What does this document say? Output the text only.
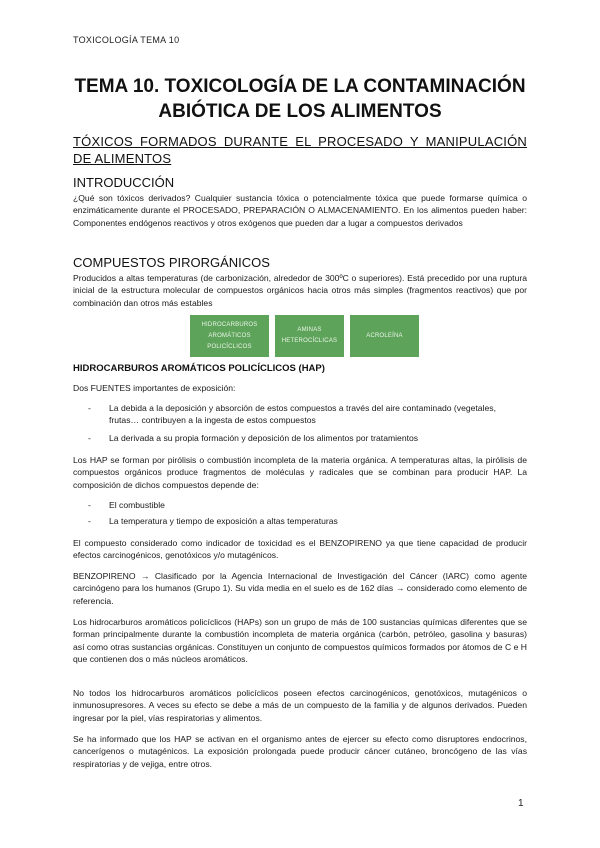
TOXICOLOGÍA TEMA 10
TEMA 10. TOXICOLOGÍA DE LA CONTAMINACIÓN ABIÓTICA DE LOS ALIMENTOS
TÓXICOS FORMADOS DURANTE EL PROCESADO Y MANIPULACIÓN DE ALIMENTOS
INTRODUCCIÓN
¿Qué son tóxicos derivados? Cualquier sustancia tóxica o potencialmente tóxica que puede formarse química o enzimáticamente durante el PROCESADO, PREPARACIÓN O ALMACENAMIENTO. En los alimentos pueden haber: Componentes endógenos reactivos y otros exógenos que pueden dar a lugar a compuestos derivados
COMPUESTOS PIRORGÁNICOS
Producidos a altas temperaturas (de carbonización, alrededor de 300ºC o superiores). Está precedido por una ruptura inicial de la estructura molecular de compuestos orgánicos hacia otros más simples (fragmentos reactivos) que por combinación dan otros más estables
HIDROCARBUROS AROMÁTICOS POLICÍCLICOS
AMINAS HETEROCÍCLICAS
ACROLEÍNA
HIDROCARBUROS AROMÁTICOS POLICÍCLICOS (HAP)
Dos FUENTES importantes de exposición:
- La debida a la deposición y absorción de estos compuestos a través del aire contaminado (vegetales, frutas… contribuyen a la ingesta de estos compuestos
- La derivada a su propia formación y deposición de los alimentos por tratamientos
Los HAP se forman por pirólisis o combustión incompleta de la materia orgánica. A temperaturas altas, la pirólisis de compuestos orgánicos produce fragmentos de moléculas y radicales que se combinan para producir HAP. La composición de dichos compuestos depende de:
- El combustible
- La temperatura y tiempo de exposición a altas temperaturas
El compuesto considerado como indicador de toxicidad es el BENZOPIRENO ya que tiene capacidad de producir efectos carcinogénicos, genotóxicos y/o mutagénicos.
BENZOPIRENO → Clasificado por la Agencia Internacional de Investigación del Cáncer (IARC) como agente carcinógeno para los humanos (Grupo 1). Su vida media en el suelo es de 162 días → considerado como elemento de referencia.
Los hidrocarburos aromáticos policíclicos (HAPs) son un grupo de más de 100 sustancias químicas diferentes que se forman principalmente durante la combustión incompleta de materia orgánica (carbón, petróleo, gasolina y basuras) así como otras sustancias orgánicas. Constituyen un conjunto de compuestos químicos formados por átomos de C e H que contienen dos o más núcleos aromáticos.
No todos los hidrocarburos aromáticos policíclicos poseen efectos carcinogénicos, genotóxicos, mutagénicos o inmunosupresores. A veces su efecto se debe a más de un compuesto de la familia y de algunos derivados. Pueden ingresar por la piel, vías respiratorias y alimentos.
Se ha informado que los HAP se activan en el organismo antes de ejercer su efecto como disruptores endocrinos, cancerígenos o mutagénicos. La exposición prolongada puede producir cáncer cutáneo, broncógeno de las vías respiratorias y de vejiga, entre otros.
1
